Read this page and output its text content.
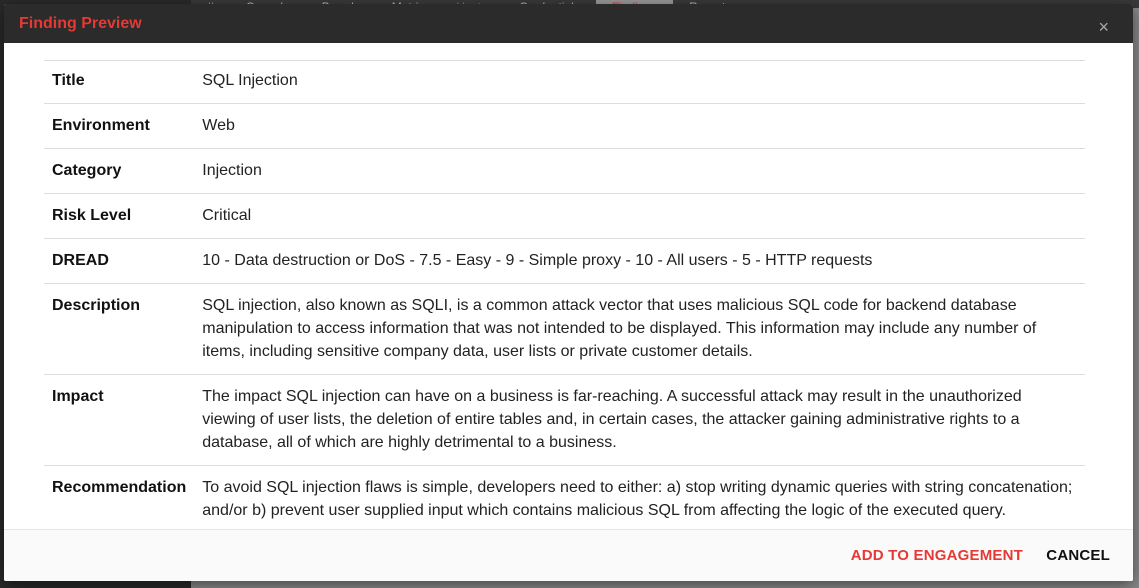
Finding Preview	×
Title	SQL Injection
Environment	Web
Category	Injection
Risk Level	Critical
DREAD	10 - Data destruction or DoS - 7.5 - Easy - 9 - Simple proxy - 10 - All users - 5 - HTTP requests
Description	SQL injection, also known as SQLI, is a common attack vector that uses malicious SQL code for backend database manipulation to access information that was not intended to be displayed. This information may include any number of items, including sensitive company data, user lists or private customer details.
Impact	The impact SQL injection can have on a business is far-reaching. A successful attack may result in the unauthorized viewing of user lists, the deletion of entire tables and, in certain cases, the attacker gaining administrative rights to a database, all of which are highly detrimental to a business.
Recommendation	To avoid SQL injection flaws is simple, developers need to either: a) stop writing dynamic queries with string concatenation; and/or b) prevent user supplied input which contains malicious SQL from affecting the logic of the executed query.
ADD TO ENGAGEMENT CANCEL
